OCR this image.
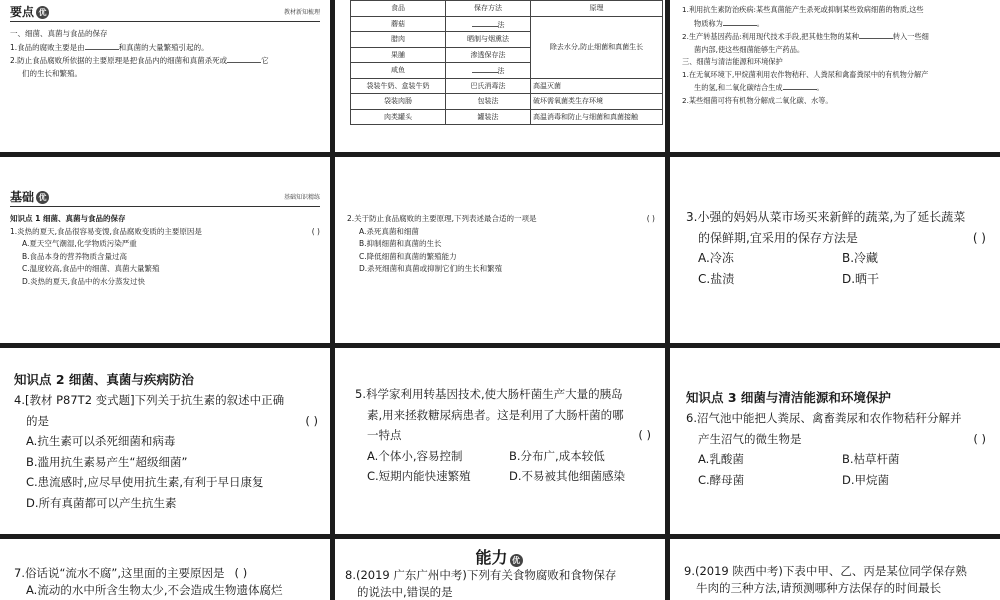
要点 优	教材新知梳理
一、细菌、真菌与食品的保存
1.食品的腐败主要是由	和真菌的大量繁殖引起的。
2.防止食品腐败所依据的主要原理是把食品内的细菌和真菌杀死或	它
们的生长和繁殖。
食品	保存方法	原理
蘑菇	法	除去水分,防止细菌和真菌生长
腊肉	晒制与烟熏法	
果脯	渗透保存法	
咸鱼	法	
袋装牛奶、盒装牛奶	巴氏消毒法	高温灭菌
袋装肉肠	包装法	破坏需氧菌类生存环境
肉类罐头	罐装法	高温消毒和防止与细菌和真菌接触
1.利用抗生素防治疾病:某些真菌能产生杀死或抑制某些致病细菌的物质,这些
物质称为	。
2.生产转基因药品:利用现代技术手段,把其他生物的某种	转入一些细
菌内部,使这些细菌能够生产药品。
三、细菌与清洁能源和环境保护
1.在无氧环境下,甲烷菌利用农作物秸秆、人粪尿和禽畜粪尿中的有机物分解产
生的氢,和二氧化碳结合生成	。
2.某些细菌可将有机物分解成二氧化碳、水等。
基础 优	基础知识精练
知识点 1 细菌、真菌与食品的保存
1.炎热的夏天,食品很容易变馊,食品腐败变质的主要原因是	( )
A.夏天空气潮湿,化学物质污染严重
B.食品本身的营养物质含量过高
C.温度较高,食品中的细菌、真菌大量繁殖
D.炎热的夏天,食品中的水分蒸发过快
2.关于防止食品腐败的主要原理,下列表述最合适的一项是	( )
A.杀死真菌和细菌
B.抑制细菌和真菌的生长
C.降低细菌和真菌的繁殖能力
D.杀死细菌和真菌或抑制它们的生长和繁殖
3.小强的妈妈从菜市场买来新鲜的蔬菜,为了延长蔬菜
的保鲜期,宜采用的保存方法是	( )
A.冷冻	B.冷藏
C.盐渍	D.晒干
知识点 2 细菌、真菌与疾病防治
4.[教材 P87T2 变式题]下列关于抗生素的叙述中正确
的是	( )
A.抗生素可以杀死细菌和病毒
B.滥用抗生素易产生“超级细菌”
C.患流感时,应尽早使用抗生素,有利于早日康复
D.所有真菌都可以产生抗生素
5.科学家利用转基因技术,使大肠杆菌生产大量的胰岛
素,用来拯救糖尿病患者。这是利用了大肠杆菌的哪
一特点	( )
A.个体小,容易控制	B.分布广,成本较低
C.短期内能快速繁殖	D.不易被其他细菌感染
知识点 3 细菌与清洁能源和环境保护
6.沼气池中能把人粪尿、禽畜粪尿和农作物秸秆分解并
产生沼气的微生物是	( )
A.乳酸菌	B.枯草杆菌
C.酵母菌	D.甲烷菌
7.俗话说“流水不腐”,这里面的主要原因是 ( )
A.流动的水中所含生物太少,不会造成生物遗体腐烂
能力 优
8.(2019 广东广州中考)下列有关食物腐败和食物保存
的说法中,错误的是
9.(2019 陕西中考)下表中甲、乙、丙是某位同学保存熟
牛肉的三种方法,请预测哪种方法保存的时间最长
